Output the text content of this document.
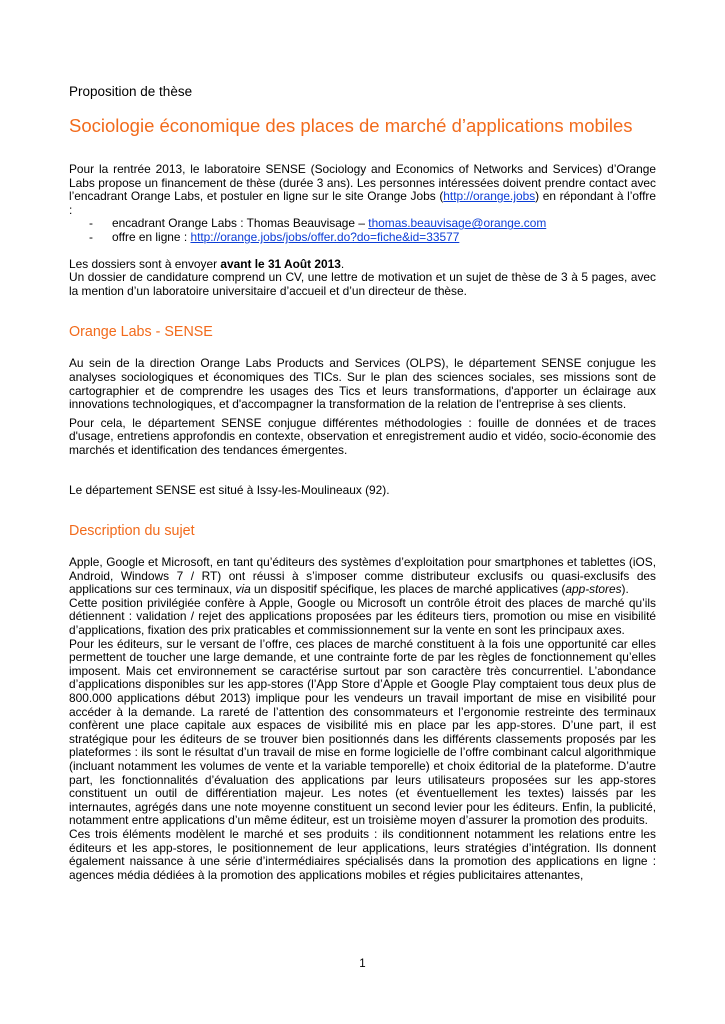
Proposition de thèse
Sociologie économique des places de marché d’applications mobiles

Pour la rentrée 2013, le laboratoire SENSE (Sociology and Economics of Networks and Services) d’Orange Labs propose un financement de thèse (durée 3 ans). Les personnes intéressées doivent prendre contact avec l’encadrant Orange Labs, et postuler en ligne sur le site Orange Jobs (http://orange.jobs) en répondant à l’offre :

- encadrant Orange Labs : Thomas Beauvisage – thomas.beauvisage@orange.com
- offre en ligne : http://orange.jobs/jobs/offer.do?do=fiche&id=33577

Les dossiers sont à envoyer avant le 31 Août 2013.

Un dossier de candidature comprend un CV, une lettre de motivation et un sujet de thèse de 3 à 5 pages, avec la mention d’un laboratoire universitaire d’accueil et d’un directeur de thèse.

Orange Labs - SENSE

Au sein de la direction Orange Labs Products and Services (OLPS), le département SENSE conjugue les analyses sociologiques et économiques des TICs. Sur le plan des sciences sociales, ses missions sont de cartographier et de comprendre les usages des Tics et leurs transformations, d'apporter un éclairage aux innovations technologiques, et d'accompagner la transformation de la relation de l'entreprise à ses clients.

Pour cela, le département SENSE conjugue différentes méthodologies : fouille de données et de traces d'usage, entretiens approfondis en contexte, observation et enregistrement audio et vidéo, socio-économie des marchés et identification des tendances émergentes.

Le département SENSE est situé à Issy-les-Moulineaux (92).

Description du sujet

Apple, Google et Microsoft, en tant qu’éditeurs des systèmes d’exploitation pour smartphones et tablettes (iOS, Android, Windows 7 / RT) ont réussi à s’imposer comme distributeur exclusifs ou quasi-exclusifs des applications sur ces terminaux, via un dispositif spécifique, les places de marché applicatives (app-stores).

Cette position privilégiée confère à Apple, Google ou Microsoft un contrôle étroit des places de marché qu’ils détiennent : validation / rejet des applications proposées par les éditeurs tiers, promotion ou mise en visibilité d’applications, fixation des prix praticables et commissionnement sur la vente en sont les principaux axes.

Pour les éditeurs, sur le versant de l’offre, ces places de marché constituent à la fois une opportunité car elles permettent de toucher une large demande, et une contrainte forte de par les règles de fonctionnement qu’elles imposent. Mais cet environnement se caractérise surtout par son caractère très concurrentiel. L’abondance d’applications disponibles sur les app-stores (l’App Store d’Apple et Google Play comptaient tous deux plus de 800.000 applications début 2013) implique pour les vendeurs un travail important de mise en visibilité pour accéder à la demande. La rareté de l’attention des consommateurs et l’ergonomie restreinte des terminaux confèrent une place capitale aux espaces de visibilité mis en place par les app-stores. D’une part, il est stratégique pour les éditeurs de se trouver bien positionnés dans les différents classements proposés par les plateformes : ils sont le résultat d’un travail de mise en forme logicielle de l’offre combinant calcul algorithmique (incluant notamment les volumes de vente et la variable temporelle) et choix éditorial de la plateforme. D’autre part, les fonctionnalités d’évaluation des applications par leurs utilisateurs proposées sur les app-stores constituent un outil de différentiation majeur. Les notes (et éventuellement les textes) laissés par les internautes, agrégés dans une note moyenne constituent un second levier pour les éditeurs. Enfin, la publicité, notamment entre applications d’un même éditeur, est un troisième moyen d’assurer la promotion des produits.

Ces trois éléments modèlent le marché et ses produits : ils conditionnent notamment les relations entre les éditeurs et les app-stores, le positionnement de leur applications, leurs stratégies d’intégration. Ils donnent également naissance à une série d’intermédiaires spécialisés dans la promotion des applications en ligne : agences média dédiées à la promotion des applications mobiles et régies publicitaires attenantes,

1
